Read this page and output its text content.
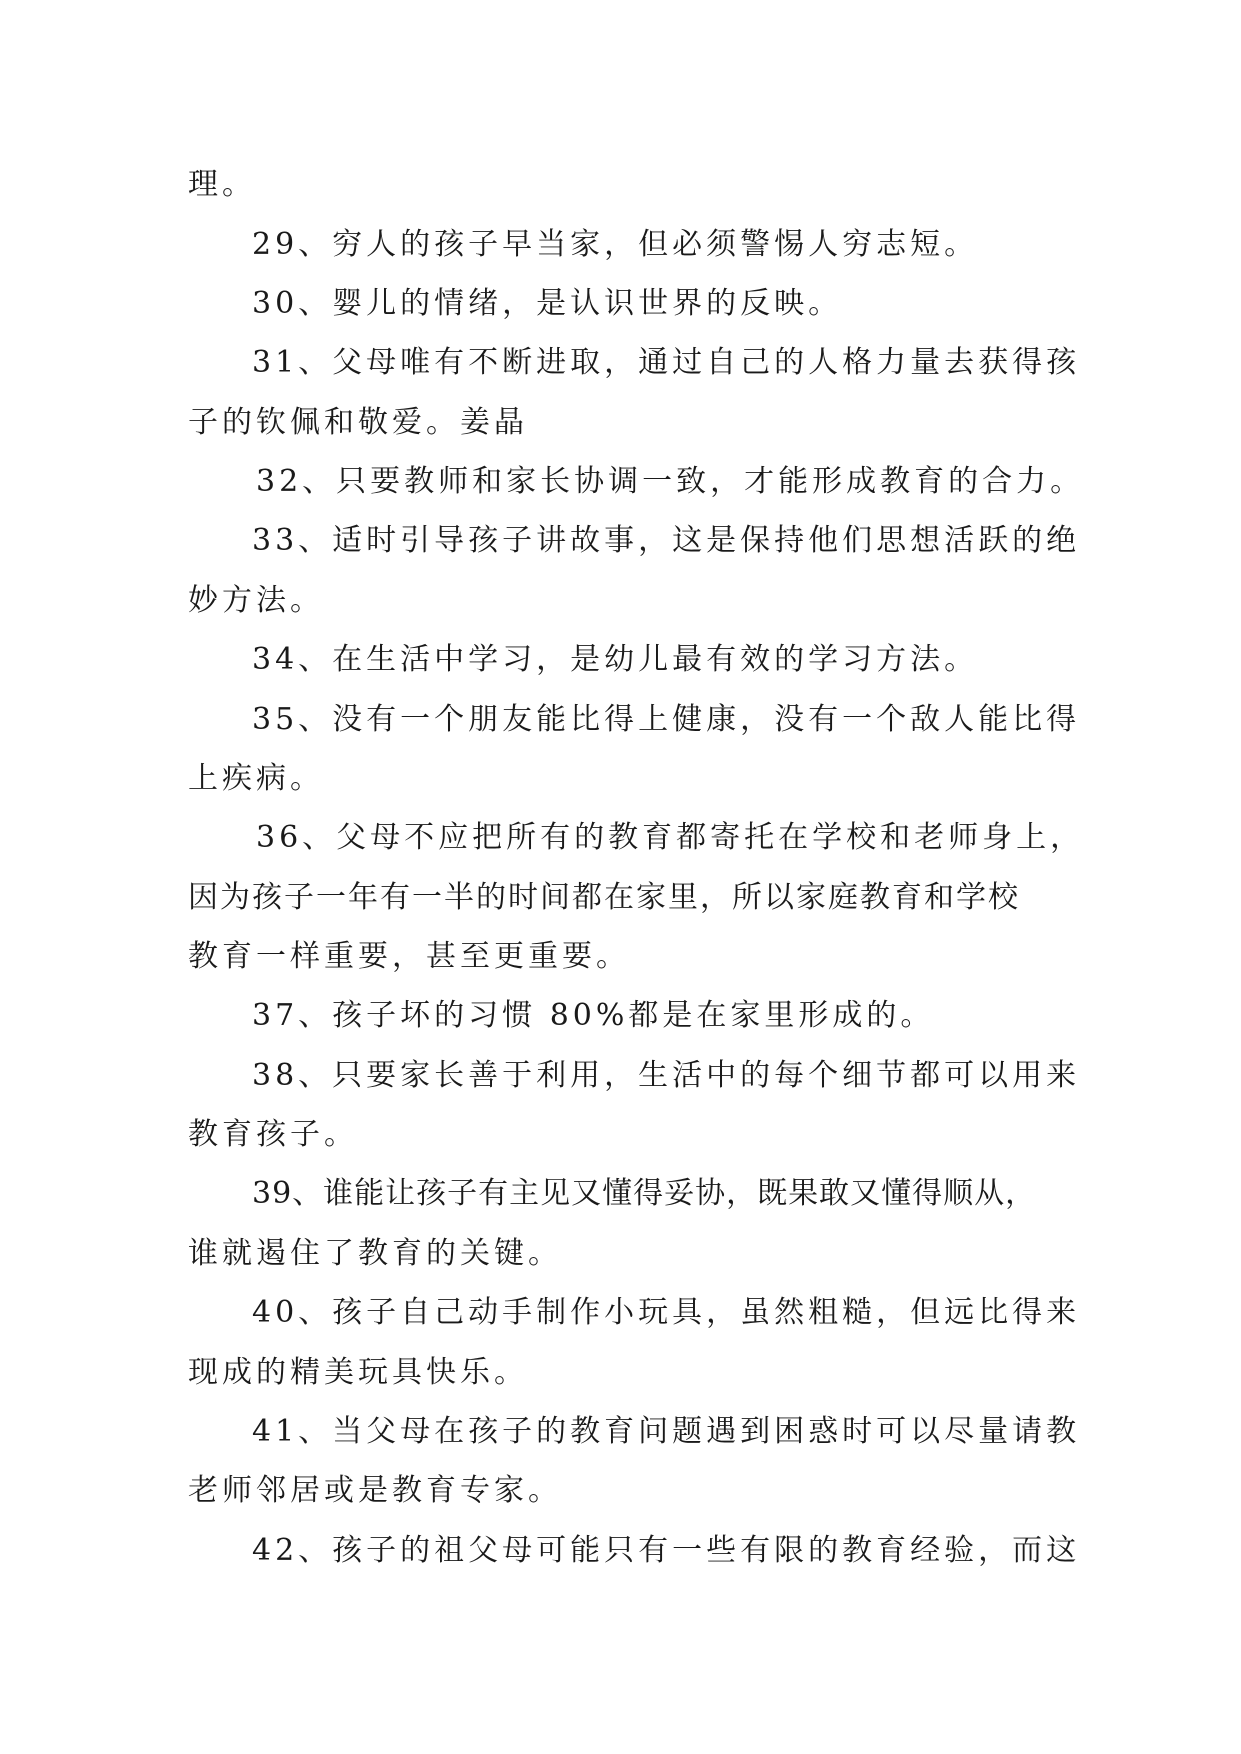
理。
29、穷人的孩子早当家，但必须警惕人穷志短。
30、婴儿的情绪，是认识世界的反映。
31、父母唯有不断进取，通过自己的人格力量去获得孩
子的钦佩和敬爱。姜晶
32、只要教师和家长协调一致，才能形成教育的合力。
33、适时引导孩子讲故事，这是保持他们思想活跃的绝
妙方法。
34、在生活中学习，是幼儿最有效的学习方法。
35、没有一个朋友能比得上健康，没有一个敌人能比得
上疾病。
36、父母不应把所有的教育都寄托在学校和老师身上，
因为孩子一年有一半的时间都在家里，所以家庭教育和学校
教育一样重要，甚至更重要。
37、孩子坏的习惯 80%都是在家里形成的。
38、只要家长善于利用，生活中的每个细节都可以用来
教育孩子。
39、谁能让孩子有主见又懂得妥协，既果敢又懂得顺从，
谁就遏住了教育的关键。
40、孩子自己动手制作小玩具，虽然粗糙，但远比得来
现成的精美玩具快乐。
41、当父母在孩子的教育问题遇到困惑时可以尽量请教
老师邻居或是教育专家。
42、孩子的祖父母可能只有一些有限的教育经验，而这
